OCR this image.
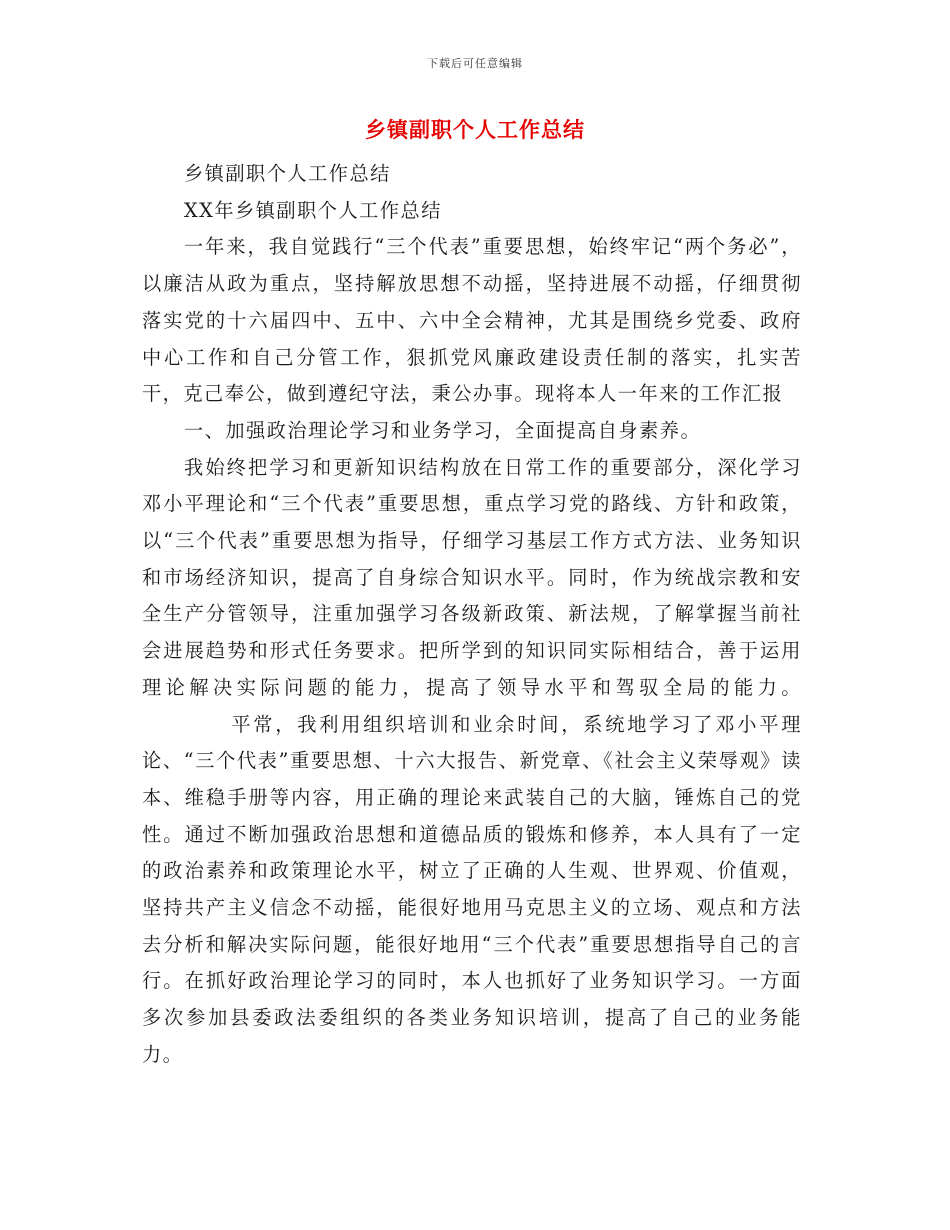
下载后可任意编辑
乡镇副职个人工作总结

乡镇副职个人工作总结

XX年乡镇副职个人工作总结

一年来，我自觉践行“三个代表”重要思想，始终牢记“两个务必”，以廉洁从政为重点，坚持解放思想不动摇，坚持进展不动摇，仔细贯彻落实党的十六届四中、五中、六中全会精神，尤其是围绕乡党委、政府中心工作和自己分管工作，狠抓党风廉政建设责任制的落实，扎实苦干，克己奉公，做到遵纪守法，秉公办事。现将本人一年来的工作汇报

一、加强政治理论学习和业务学习，全面提高自身素养。

我始终把学习和更新知识结构放在日常工作的重要部分，深化学习邓小平理论和“三个代表”重要思想，重点学习党的路线、方针和政策，以“三个代表”重要思想为指导，仔细学习基层工作方式方法、业务知识和市场经济知识，提高了自身综合知识水平。同时，作为统战宗教和安全生产分管领导，注重加强学习各级新政策、新法规，了解掌握当前社会进展趋势和形式任务要求。把所学到的知识同实际相结合，善于运用理论解决实际问题的能力，提高了领导水平和驾驭全局的能力。平常，我利用组织培训和业余时间，系统地学习了邓小平理论、“三个代表”重要思想、十六大报告、新党章、《社会主义荣辱观》读本、维稳手册等内容，用正确的理论来武装自己的大脑，锤炼自己的党性。通过不断加强政治思想和道德品质的锻炼和修养，本人具有了一定的政治素养和政策理论水平，树立了正确的人生观、世界观、价值观，坚持共产主义信念不动摇，能很好地用马克思主义的立场、观点和方法去分析和解决实际问题，能很好地用“三个代表”重要思想指导自己的言行。在抓好政治理论学习的同时，本人也抓好了业务知识学习。一方面多次参加县委政法委组织的各类业务知识培训，提高了自己的业务能力。
